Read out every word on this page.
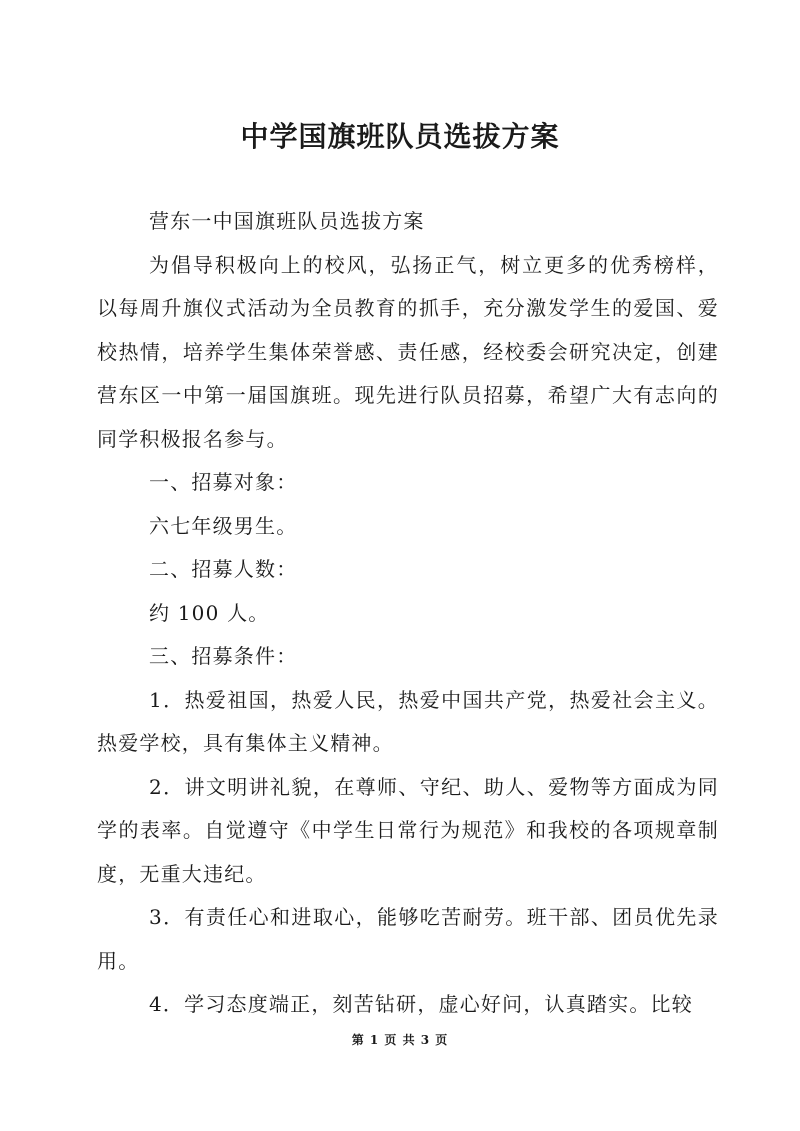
中学国旗班队员选拔方案

营东一中国旗班队员选拔方案

为倡导积极向上的校风，弘扬正气，树立更多的优秀榜样，以每周升旗仪式活动为全员教育的抓手，充分激发学生的爱国、爱校热情，培养学生集体荣誉感、责任感，经校委会研究决定，创建营东区一中第一届国旗班。现先进行队员招募，希望广大有志向的同学积极报名参与。

一、招募对象：

六七年级男生。

二、招募人数：

约 100 人。

三、招募条件：

1．热爱祖国，热爱人民，热爱中国共产党，热爱社会主义。热爱学校，具有集体主义精神。

2．讲文明讲礼貌，在尊师、守纪、助人、爱物等方面成为同学的表率。自觉遵守《中学生日常行为规范》和我校的各项规章制度，无重大违纪。

3．有责任心和进取心，能够吃苦耐劳。班干部、团员优先录用。

4．学习态度端正，刻苦钻研，虚心好问，认真踏实。比较

第 1 页 共 3 页
